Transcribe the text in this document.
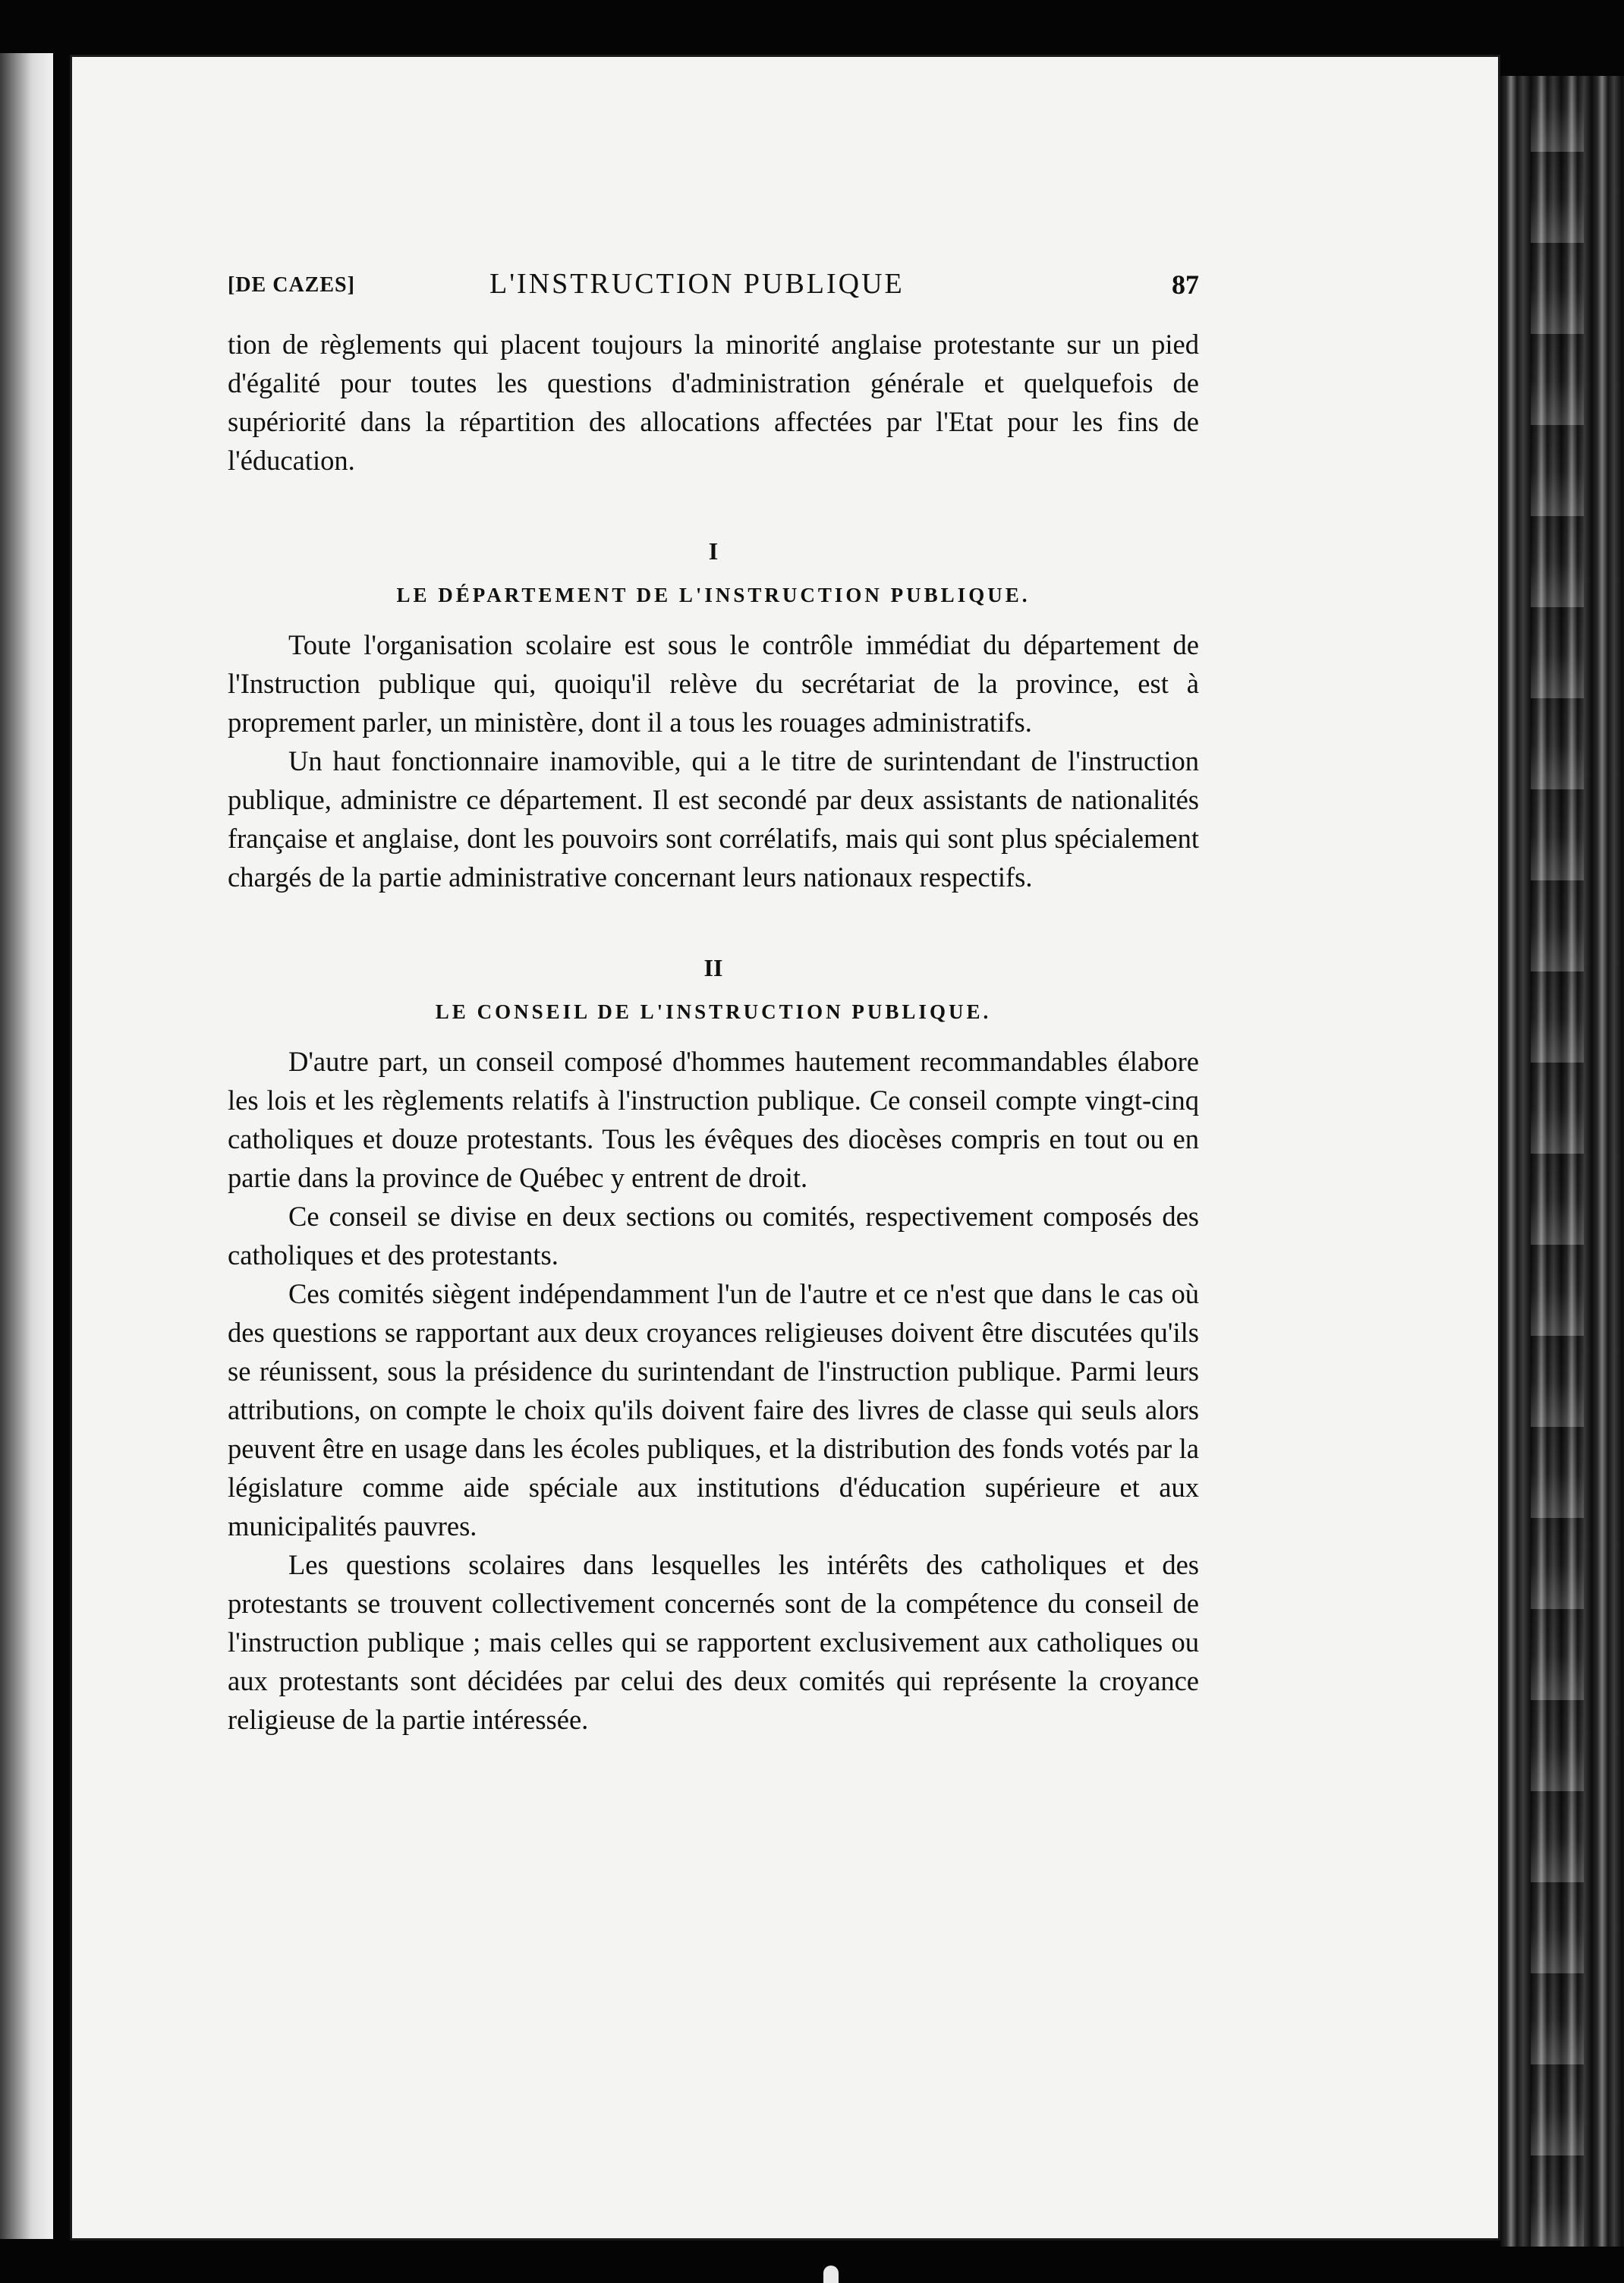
[DE CAZES]	L'INSTRUCTION PUBLIQUE	87

tion de règlements qui placent toujours la minorité anglaise protestante sur un pied d'égalité pour toutes les questions d'administration générale et quelquefois de supériorité dans la répartition des allocations affectées par l'Etat pour les fins de l'éducation.

I
LE DÉPARTEMENT DE L'INSTRUCTION PUBLIQUE.

Toute l'organisation scolaire est sous le contrôle immédiat du département de l'Instruction publique qui, quoiqu'il relève du secrétariat de la province, est à proprement parler, un ministère, dont il a tous les rouages administratifs.

Un haut fonctionnaire inamovible, qui a le titre de surintendant de l'instruction publique, administre ce département. Il est secondé par deux assistants de nationalités française et anglaise, dont les pouvoirs sont corrélatifs, mais qui sont plus spécialement chargés de la partie administrative concernant leurs nationaux respectifs.

II
LE CONSEIL DE L'INSTRUCTION PUBLIQUE.

D'autre part, un conseil composé d'hommes hautement recommandables élabore les lois et les règlements relatifs à l'instruction publique. Ce conseil compte vingt-cinq catholiques et douze protestants. Tous les évêques des diocèses compris en tout ou en partie dans la province de Québec y entrent de droit.

Ce conseil se divise en deux sections ou comités, respectivement composés des catholiques et des protestants.

Ces comités siègent indépendamment l'un de l'autre et ce n'est que dans le cas où des questions se rapportant aux deux croyances religieuses doivent être discutées qu'ils se réunissent, sous la présidence du surintendant de l'instruction publique. Parmi leurs attributions, on compte le choix qu'ils doivent faire des livres de classe qui seuls alors peuvent être en usage dans les écoles publiques, et la distribution des fonds votés par la législature comme aide spéciale aux institutions d'éducation supérieure et aux municipalités pauvres.

Les questions scolaires dans lesquelles les intérêts des catholiques et des protestants se trouvent collectivement concernés sont de la compétence du conseil de l'instruction publique ; mais celles qui se rapportent exclusivement aux catholiques ou aux protestants sont décidées par celui des deux comités qui représente la croyance religieuse de la partie intéressée.
